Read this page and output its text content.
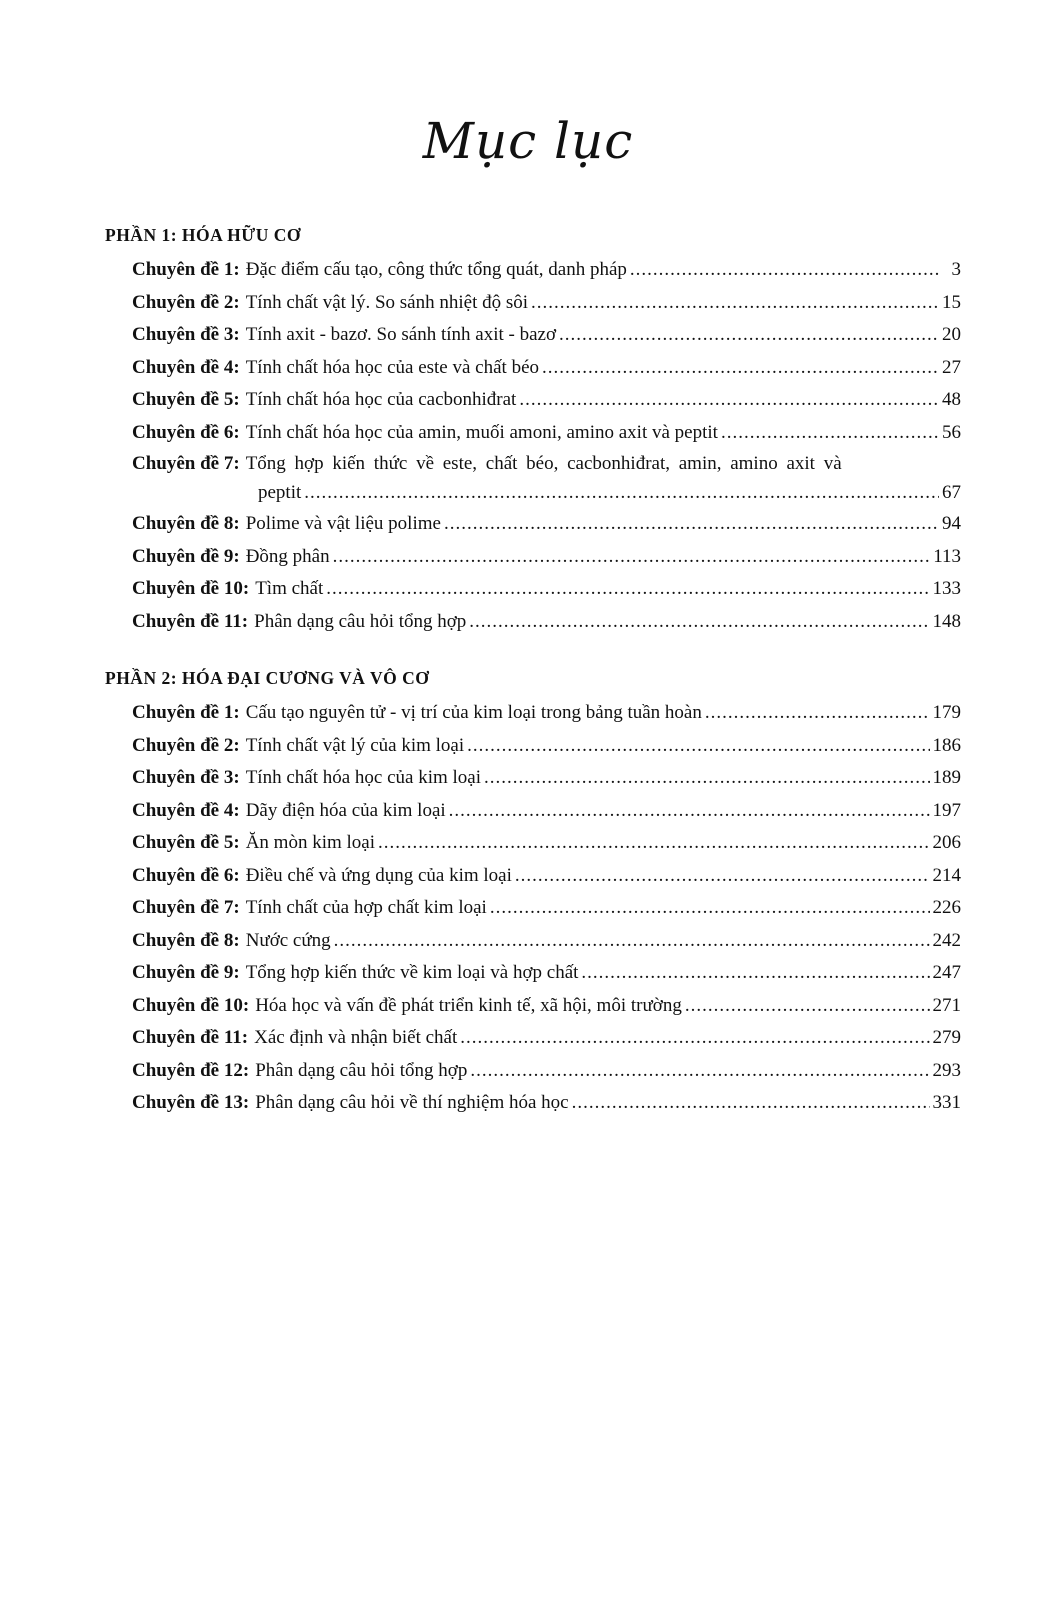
Mục lục
PHẦN 1: HÓA HỮU CƠ
Chuyên đề 1: Đặc điểm cấu tạo, công thức tổng quát, danh pháp .....	3
Chuyên đề 2: Tính chất vật lý. So sánh nhiệt độ sôi .....	15
Chuyên đề 3: Tính axit - bazơ. So sánh tính axit - bazơ .....	20
Chuyên đề 4: Tính chất hóa học của este và chất béo .....	27
Chuyên đề 5: Tính chất hóa học của cacbonhiđrat .....	48
Chuyên đề 6: Tính chất hóa học của amin, muối amoni, amino axit và peptit .....	56
Chuyên đề 7: Tổng hợp kiến thức về este, chất béo, cacbonhiđrat, amin, amino axit và
peptit .....	67
Chuyên đề 8: Polime và vật liệu polime .....	94
Chuyên đề 9: Đồng phân .....	113
Chuyên đề 10: Tìm chất .....	133
Chuyên đề 11: Phân dạng câu hỏi tổng hợp .....	148
PHẦN 2: HÓA ĐẠI CƯƠNG VÀ VÔ CƠ
Chuyên đề 1: Cấu tạo nguyên tử - vị trí của kim loại trong bảng tuần hoàn .....	179
Chuyên đề 2: Tính chất vật lý của kim loại .....	186
Chuyên đề 3: Tính chất hóa học của kim loại .....	189
Chuyên đề 4: Dãy điện hóa của kim loại .....	197
Chuyên đề 5: Ăn mòn kim loại .....	206
Chuyên đề 6: Điều chế và ứng dụng của kim loại .....	214
Chuyên đề 7: Tính chất của hợp chất kim loại .....	226
Chuyên đề 8: Nước cứng .....	242
Chuyên đề 9: Tổng hợp kiến thức về kim loại và hợp chất .....	247
Chuyên đề 10: Hóa học và vấn đề phát triển kinh tế, xã hội, môi trường .....	271
Chuyên đề 11: Xác định và nhận biết chất .....	279
Chuyên đề 12: Phân dạng câu hỏi tổng hợp .....	293
Chuyên đề 13: Phân dạng câu hỏi về thí nghiệm hóa học .....	331
